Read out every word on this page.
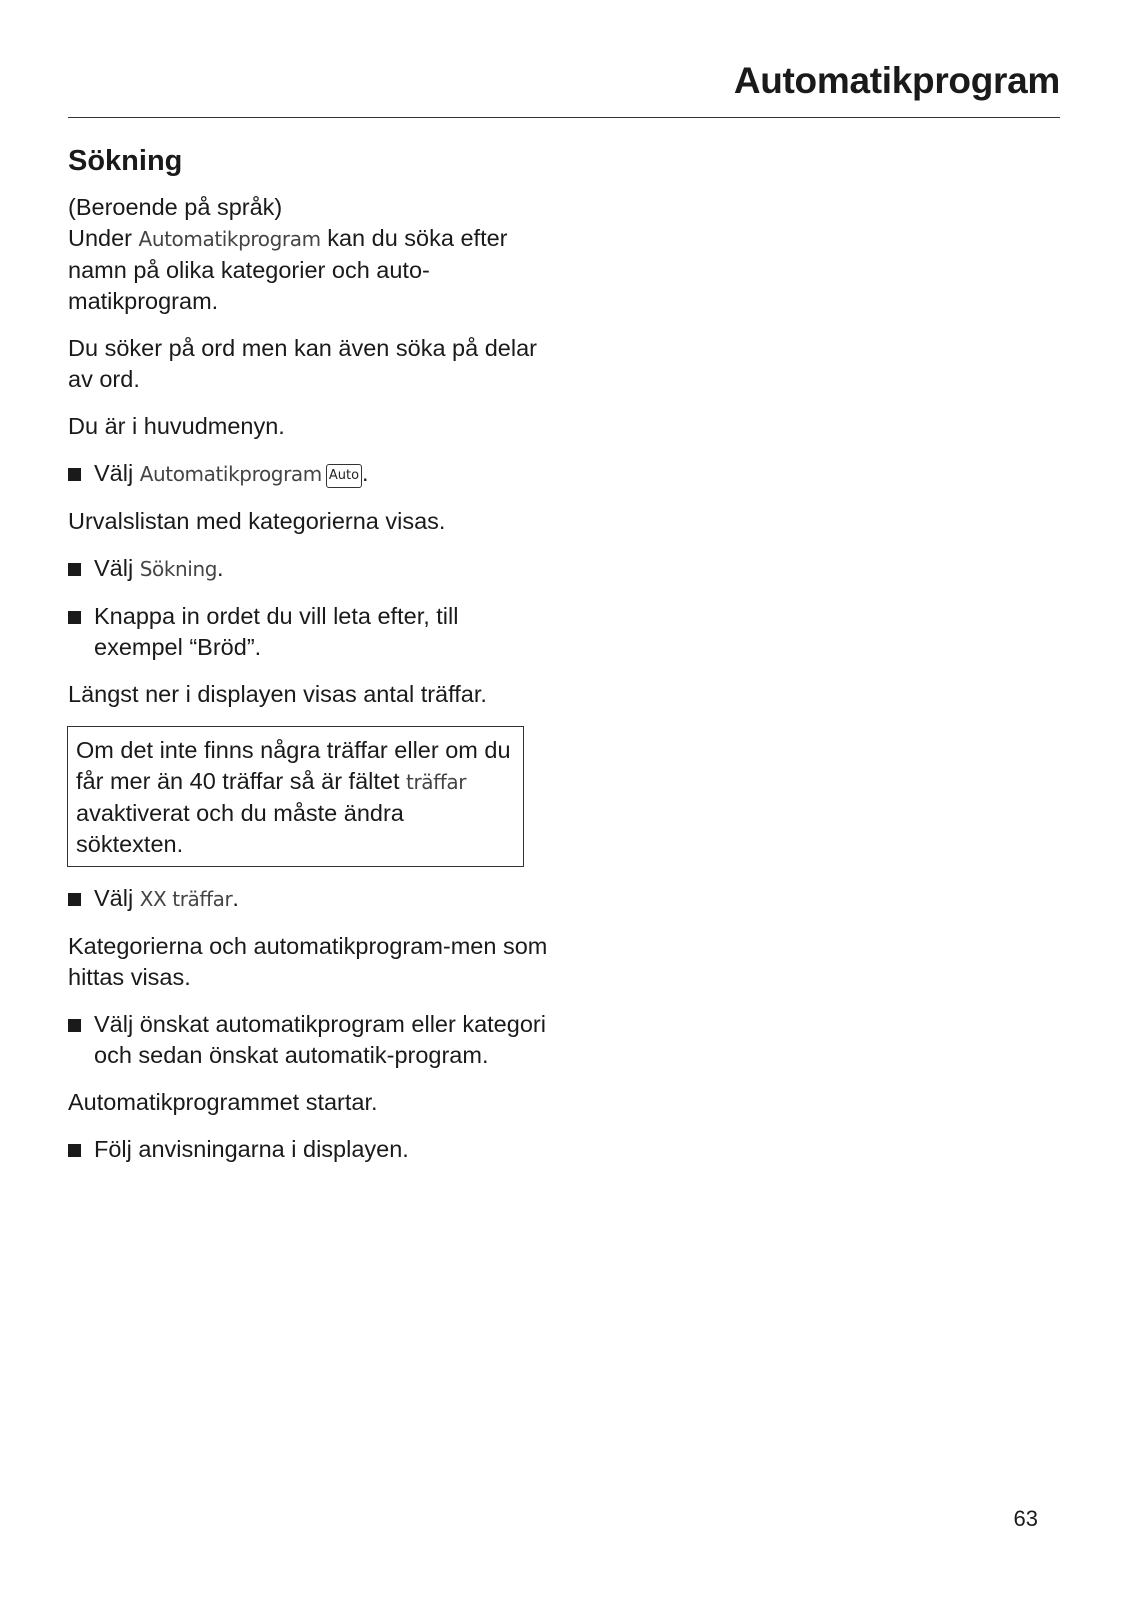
Automatikprogram
Sökning

(Beroende på språk)
Under Automatikprogram kan du söka efter namn på olika kategorier och auto-matikprogram.

Du söker på ord men kan även söka på delar av ord.

Du är i huvudmenyn.

Välj Automatikprogram Auto .

Urvalslistan med kategorierna visas.

Välj Sökning.
Knappa in ordet du vill leta efter, till exempel “Bröd”.

Längst ner i displayen visas antal träffar.

Om det inte finns några träffar eller om du får mer än 40 träffar så är fältet träffar avaktiverat och du måste ändra söktexten.
Välj XX träffar.

Kategorierna och automatikprogram-men som hittas visas.

Välj önskat automatikprogram eller kategori och sedan önskat automatik-program.

Automatikprogrammet startar.

Följ anvisningarna i displayen.
63
